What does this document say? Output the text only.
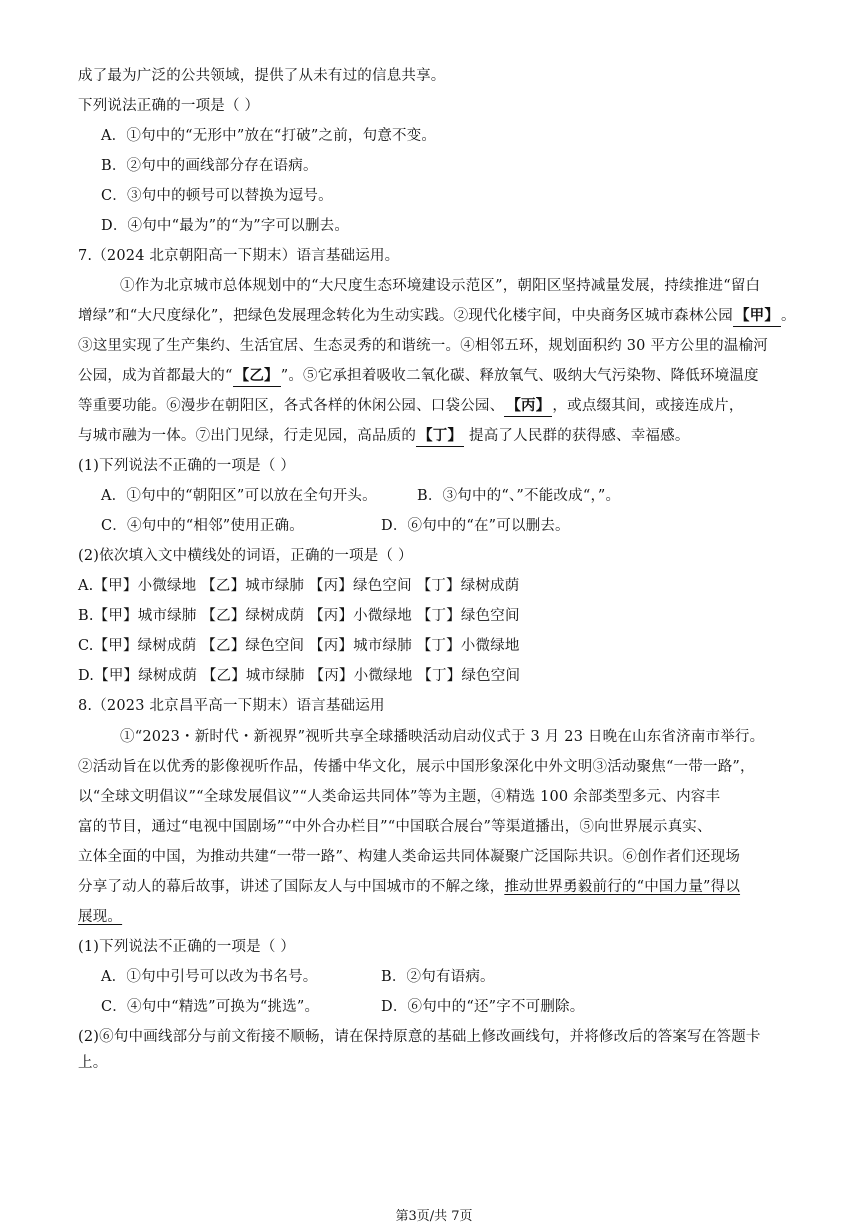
成了最为广泛的公共领域，提供了从未有过的信息共享。
下列说法正确的一项是（ ）
A．①句中的“无形中”放在“打破”之前，句意不变。
B．②句中的画线部分存在语病。
C．③句中的顿号可以替换为逗号。
D．④句中“最为”的“为”字可以删去。
7.（2024 北京朝阳高一下期末）语言基础运用。
①作为北京城市总体规划中的“大尺度生态环境建设示范区”，朝阳区坚持减量发展，持续推进“留白
增绿”和“大尺度绿化”，把绿色发展理念转化为生动实践。②现代化楼宇间，中央商务区城市森林公园 【甲】 。
③这里实现了生产集约、生活宜居、生态灵秀的和谐统一。④相邻五环，规划面积约 30 平方公里的温榆河
公园，成为首都最大的“ 【乙】 ”。⑤它承担着吸收二氧化碳、释放氧气、吸纳大气污染物、降低环境温度
等重要功能。⑥漫步在朝阳区，各式各样的休闲公园、口袋公园、 【丙】 ，或点缀其间，或接连成片，
与城市融为一体。⑦出门见绿，行走见园，高品质的 【丁】 提高了人民群的获得感、幸福感。
(1)下列说法不正确的一项是（ ）
A．①句中的“朝阳区”可以放在全句开头。	B．③句中的“、”不能改成“，”。
C．④句中的“相邻”使用正确。	D．⑥句中的“在”可以删去。
(2)依次填入文中横线处的词语，正确的一项是（ ）
A.【甲】小微绿地 【乙】城市绿肺 【丙】绿色空间 【丁】绿树成荫
B.【甲】城市绿肺 【乙】绿树成荫 【丙】小微绿地 【丁】绿色空间
C.【甲】绿树成荫 【乙】绿色空间 【丙】城市绿肺 【丁】小微绿地
D.【甲】绿树成荫 【乙】城市绿肺 【丙】小微绿地 【丁】绿色空间
8.（2023 北京昌平高一下期末）语言基础运用
①“2023・新时代・新视界”视听共享全球播映活动启动仪式于 3 月 23 日晚在山东省济南市举行。
②活动旨在以优秀的影像视听作品，传播中华文化，展示中国形象深化中外文明③活动聚焦“一带一路”，
以“全球文明倡议”“全球发展倡议”“人类命运共同体”等为主题，④精选 100 余部类型多元、内容丰
富的节目，通过“电视中国剧场”“中外合办栏目”“中国联合展台”等渠道播出，⑤向世界展示真实、
立体全面的中国，为推动共建“一带一路”、构建人类命运共同体凝聚广泛国际共识。⑥创作者们还现场
分享了动人的幕后故事，讲述了国际友人与中国城市的不解之缘，推动世界勇毅前行的“中国力量”得以
展现。
(1)下列说法不正确的一项是（ ）
A．①句中引号可以改为书名号。	B．②句有语病。
C．④句中“精选”可换为“挑选”。	D．⑥句中的“还”字不可删除。
(2)⑥句中画线部分与前文衔接不顺畅，请在保持原意的基础上修改画线句，并将修改后的答案写在答题卡
上。
第3页/共 7页
